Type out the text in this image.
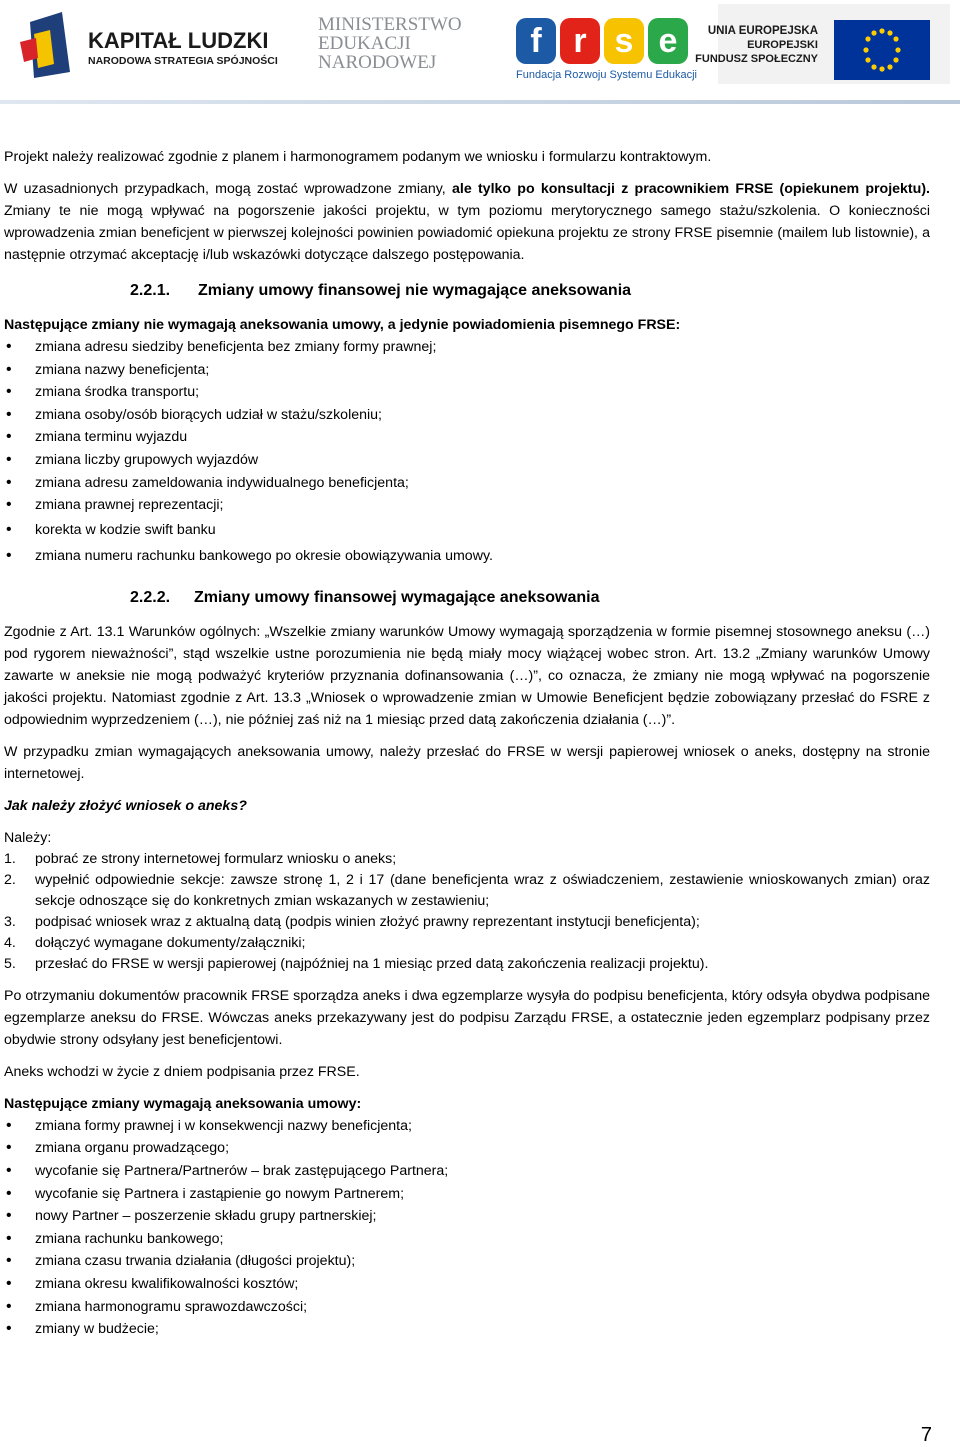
KAPITAŁ LUDZKI
NARODOWA STRATEGIA SPÓJNOŚCI
MINISTERSTWO
EDUKACJI
NARODOWEJ
f r s e
Fundacja Rozwoju Systemu Edukacji
UNIA EUROPEJSKA
EUROPEJSKI
FUNDUSZ SPOŁECZNY

Projekt należy realizować zgodnie z planem i harmonogramem podanym we wniosku i formularzu kontraktowym.

W uzasadnionych przypadkach, mogą zostać wprowadzone zmiany, ale tylko po konsultacji z pracownikiem FRSE (opiekunem projektu). Zmiany te nie mogą wpływać na pogorszenie jakości projektu, w tym poziomu merytorycznego samego stażu/szkolenia. O konieczności wprowadzenia zmian beneficjent w pierwszej kolejności powinien powiadomić opiekuna projektu ze strony FRSE pisemnie (mailem lub listownie), a następnie otrzymać akceptację i/lub wskazówki dotyczące dalszego postępowania.

2.2.1. Zmiany umowy finansowej nie wymagające aneksowania

Następujące zmiany nie wymagają aneksowania umowy, a jedynie powiadomienia pisemnego FRSE:

• zmiana adresu siedziby beneficjenta bez zmiany formy prawnej;
• zmiana nazwy beneficjenta;
• zmiana środka transportu;
• zmiana osoby/osób biorących udział w stażu/szkoleniu;
• zmiana terminu wyjazdu
• zmiana liczby grupowych wyjazdów
• zmiana adresu zameldowania indywidualnego beneficjenta;
• zmiana prawnej reprezentacji;
• korekta w kodzie swift banku
• zmiana numeru rachunku bankowego po okresie obowiązywania umowy.
2.2.2. Zmiany umowy finansowej wymagające aneksowania

Zgodnie z Art. 13.1 Warunków ogólnych: „Wszelkie zmiany warunków Umowy wymagają sporządzenia w formie pisemnej stosownego aneksu (…) pod rygorem nieważności”, stąd wszelkie ustne porozumienia nie będą miały mocy wiążącej wobec stron. Art. 13.2 „Zmiany warunków Umowy zawarte w aneksie nie mogą podważyć kryteriów przyznania dofinansowania (…)”, co oznacza, że zmiany nie mogą wpływać na pogorszenie jakości projektu. Natomiast zgodnie z Art. 13.3 „Wniosek o wprowadzenie zmian w Umowie Beneficjent będzie zobowiązany przesłać do FSRE z odpowiednim wyprzedzeniem (…), nie później zaś niż na 1 miesiąc przed datą zakończenia działania (…)”.

W przypadku zmian wymagających aneksowania umowy, należy przesłać do FRSE w wersji papierowej wniosek o aneks, dostępny na stronie internetowej.

Jak należy złożyć wniosek o aneks?

Należy:

1. pobrać ze strony internetowej formularz wniosku o aneks;
2. wypełnić odpowiednie sekcje: zawsze stronę 1, 2 i 17 (dane beneficjenta wraz z oświadczeniem, zestawienie wnioskowanych zmian) oraz sekcje odnoszące się do konkretnych zmian wskazanych w zestawieniu;
3. podpisać wniosek wraz z aktualną datą (podpis winien złożyć prawny reprezentant instytucji beneficjenta);
4. dołączyć wymagane dokumenty/załączniki;
5. przesłać do FRSE w wersji papierowej (najpóźniej na 1 miesiąc przed datą zakończenia realizacji projektu).

Po otrzymaniu dokumentów pracownik FRSE sporządza aneks i dwa egzemplarze wysyła do podpisu beneficjenta, który odsyła obydwa podpisane egzemplarze aneksu do FRSE. Wówczas aneks przekazywany jest do podpisu Zarządu FRSE, a ostatecznie jeden egzemplarz podpisany przez obydwie strony odsyłany jest beneficjentowi.

Aneks wchodzi w życie z dniem podpisania przez FRSE.

Następujące zmiany wymagają aneksowania umowy:

• zmiana formy prawnej i w konsekwencji nazwy beneficjenta;
• zmiana organu prowadzącego;
• wycofanie się Partnera/Partnerów – brak zastępującego Partnera;
• wycofanie się Partnera i zastąpienie go nowym Partnerem;
• nowy Partner – poszerzenie składu grupy partnerskiej;
• zmiana rachunku bankowego;
• zmiana czasu trwania działania (długości projektu);
• zmiana okresu kwalifikowalności kosztów;
• zmiana harmonogramu sprawozdawczości;
• zmiany w budżecie;
7
